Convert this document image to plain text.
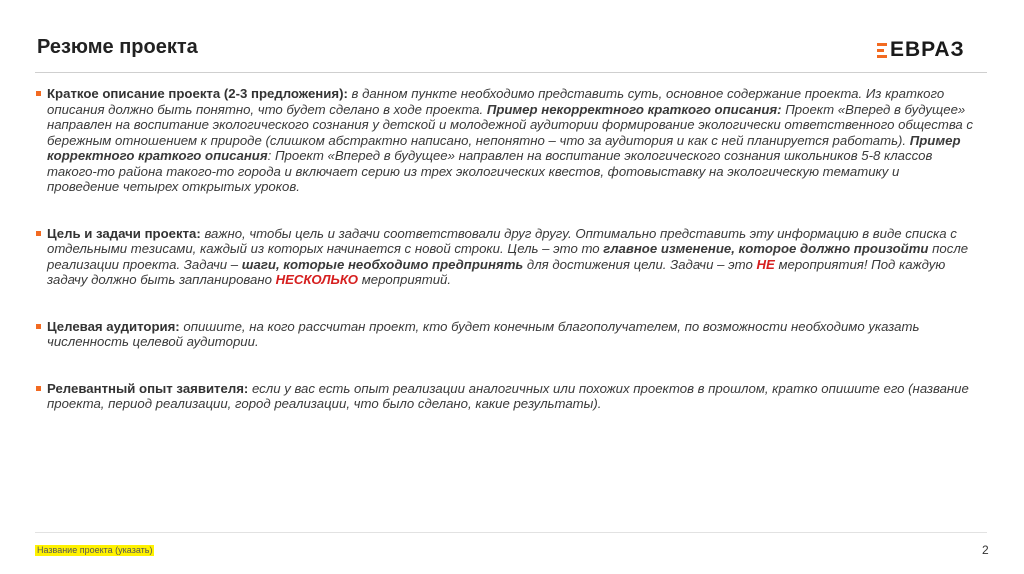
Резюме проекта	ЕВРАЗ
Краткое описание проекта (2-3 предложения): в данном пункте необходимо представить суть, основное содержание проекта. Из краткого описания должно быть понятно, что будет сделано в ходе проекта. Пример некорректного краткого описания: Проект «Вперед в будущее» направлен на воспитание экологического сознания у детской и молодежной аудитории формирование экологически ответственного общества с бережным отношением к природе (слишком абстрактно написано, непонятно – что за аудитория и как с ней планируется работать). Пример корректного краткого описания: Проект «Вперед в будущее» направлен на воспитание экологического сознания школьников 5-8 классов такого-то района такого-то города и включает серию из трех экологических квестов, фотовыставку на экологическую тематику и проведение четырех открытых уроков.
Цель и задачи проекта: важно, чтобы цель и задачи соответствовали друг другу. Оптимально представить эту информацию в виде списка с отдельными тезисами, каждый из которых начинается с новой строки. Цель – это то главное изменение, которое должно произойти после реализации проекта. Задачи – шаги, которые необходимо предпринять для достижения цели. Задачи – это НЕ мероприятия! Под каждую задачу должно быть запланировано НЕСКОЛЬКО мероприятий.
Целевая аудитория: опишите, на кого рассчитан проект, кто будет конечным благополучателем, по возможности необходимо указать численность целевой аудитории.
Релевантный опыт заявителя: если у вас есть опыт реализации аналогичных или похожих проектов в прошлом, кратко опишите его (название проекта, период реализации, город реализации, что было сделано, какие результаты).
Название проекта (указать)	2
